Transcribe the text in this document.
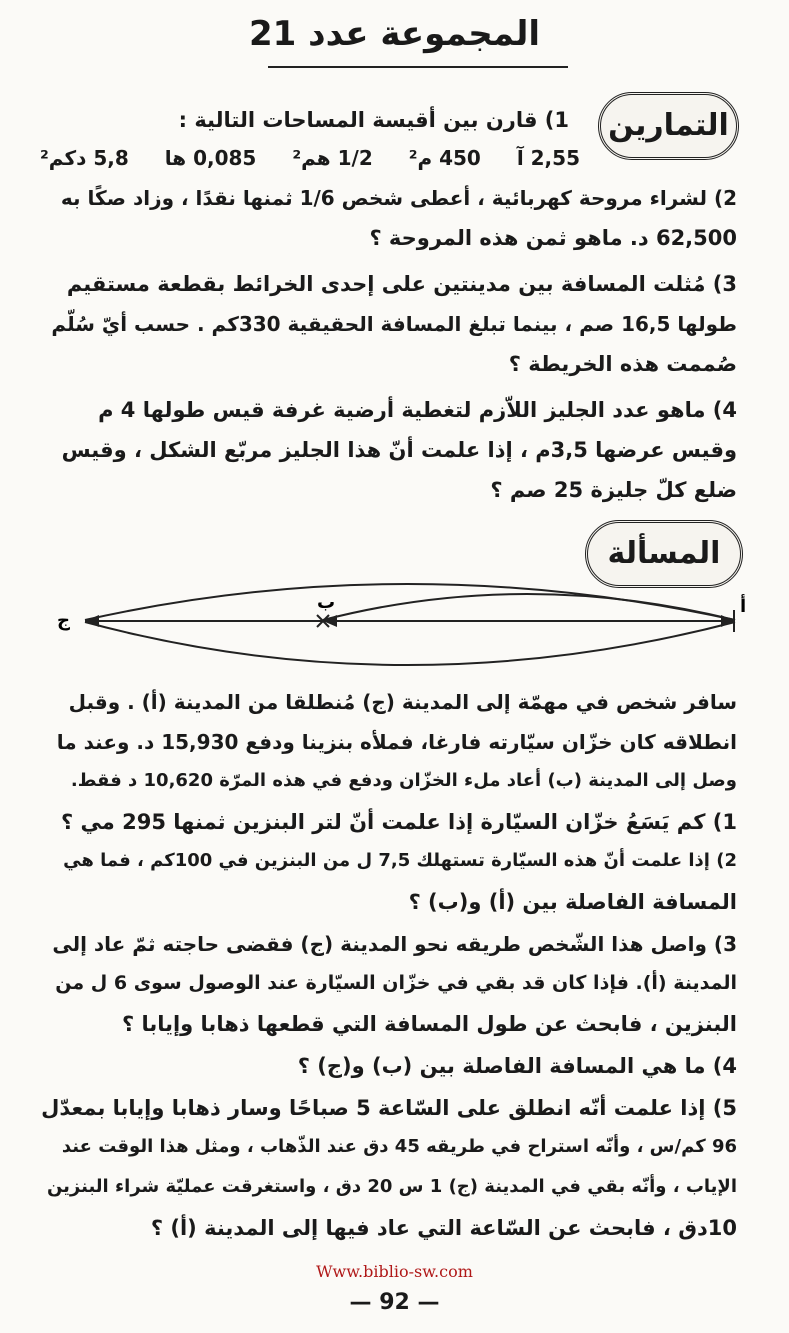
المجموعة عدد 21
التمارين
1) قارن بين أقيسة المساحات التالية :
2,55 آ
450 م²
1/2 هم²
0,085 ها
5,8 دكم²
2) لشراء مروحة كهربائية ، أعطى شخص 1/6 ثمنها نقدًا ، وزاد صكًا به
62,500 د. ماهو ثمن هذه المروحة ؟
3) مُثلت المسافة بين مدينتين على إحدى الخرائط بقطعة مستقيم
طولها 16,5 صم ، بينما تبلغ المسافة الحقيقية 330كم . حسب أيّ سُلّم
صُممت هذه الخريطة ؟
4) ماهو عدد الجليز اللاّزم لتغطية أرضية غرفة قيس طولها 4 م
وقيس عرضها 3,5م ، إذا علمت أنّ هذا الجليز مربّع الشكل ، وقيس
ضلع كلّ جليزة 25 صم ؟
المسألة
أ
ب
ج
سافر شخص في مهمّة إلى المدينة (ج) مُنطلقا من المدينة (أ) . وقبل
انطلاقه كان خزّان سيّارته فارغا، فملأه بنزينا ودفع 15,930 د. وعند ما
وصل إلى المدينة (ب) أعاد ملء الخزّان ودفع في هذه المرّة 10,620 د فقط.
1) كم يَسَعُ خزّان السيّارة إذا علمت أنّ لتر البنزين ثمنها 295 مي ؟
2) إذا علمت أنّ هذه السيّارة تستهلك 7,5 ل من البنزين في 100كم ، فما هي
المسافة الفاصلة بين (أ) و(ب) ؟
3) واصل هذا الشّخص طريقه نحو المدينة (ج) فقضى حاجته ثمّ عاد إلى
المدينة (أ). فإذا كان قد بقي في خزّان السيّارة عند الوصول سوى 6 ل من
البنزين ، فابحث عن طول المسافة التي قطعها ذهابا وإيابا ؟
4) ما هي المسافة الفاصلة بين (ب) و(ج) ؟
5) إذا علمت أنّه انطلق على السّاعة 5 صباحًا وسار ذهابا وإيابا بمعدّل
96 كم/س ، وأنّه استراح في طريقه 45 دق عند الذّهاب ، ومثل هذا الوقت عند
الإياب ، وأنّه بقي في المدينة (ج) 1 س 20 دق ، واستغرقت عمليّة شراء البنزين
10دق ، فابحث عن السّاعة التي عاد فيها إلى المدينة (أ) ؟
Www.biblio-sw.com
— 92 —
